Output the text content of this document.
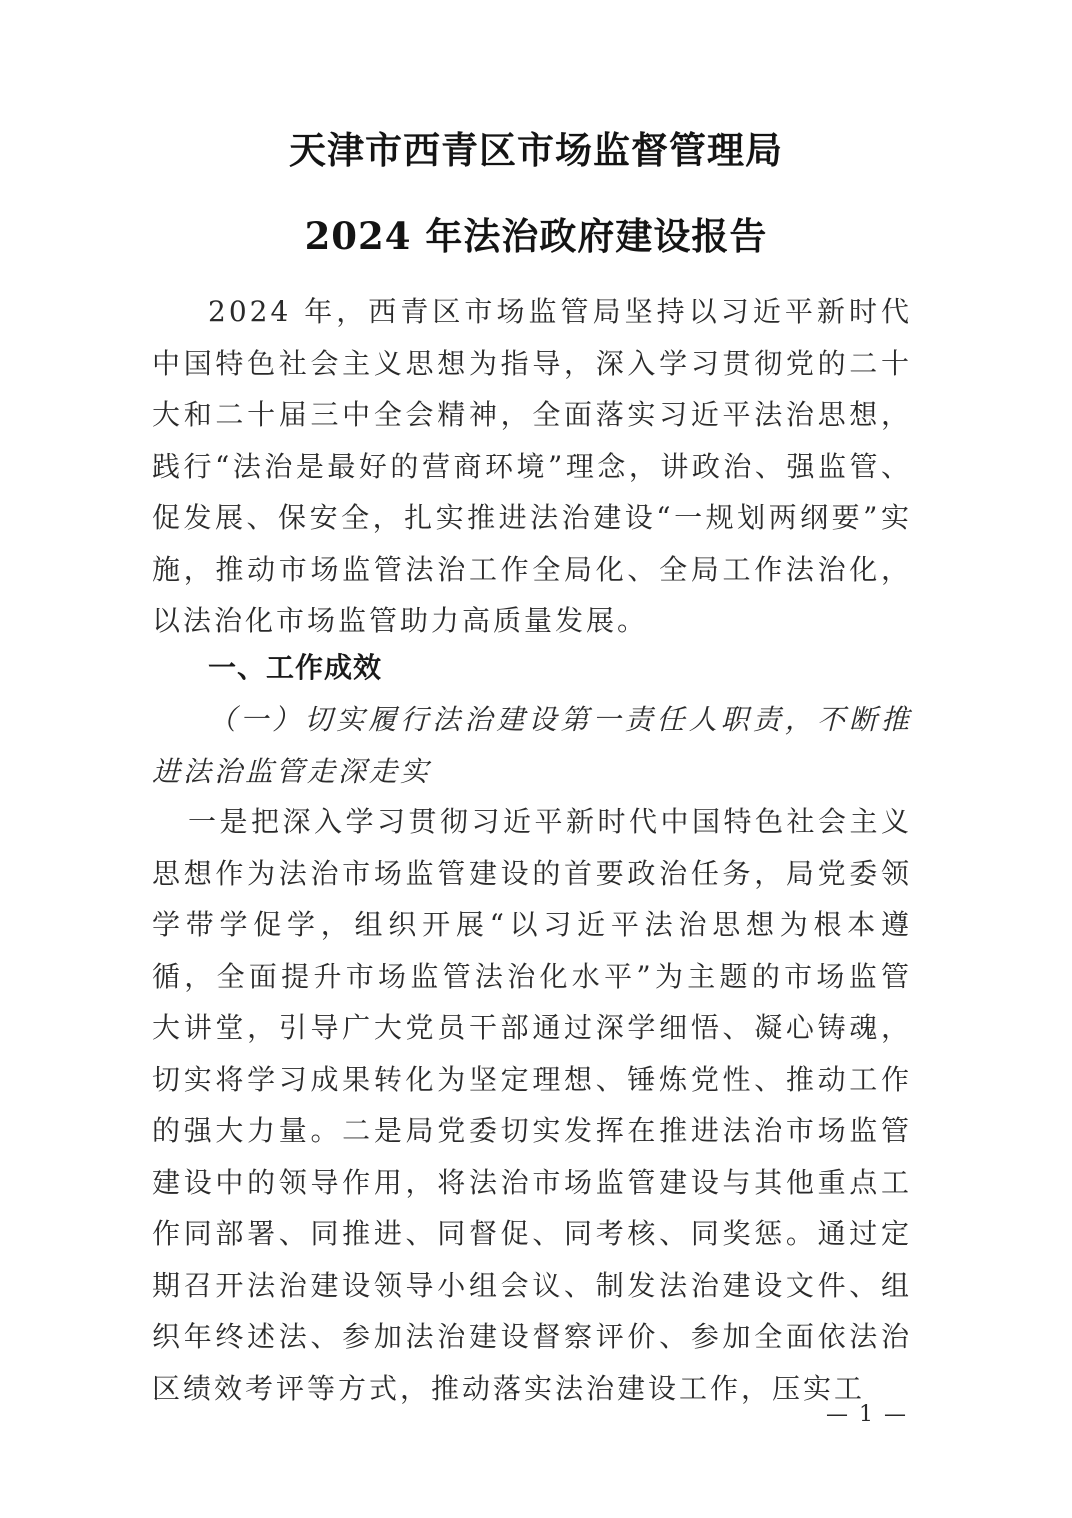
天津市西青区市场监督管理局
2024 年法治政府建设报告
2024 年，西青区市场监管局坚持以习近平新时代中国特色社会主义思想为指导，深入学习贯彻党的二十大和二十届三中全会精神，全面落实习近平法治思想，践行“法治是最好的营商环境”理念，讲政治、强监管、促发展、保安全，扎实推进法治建设“一规划两纲要”实施，推动市场监管法治工作全局化、全局工作法治化，以法治化市场监管助力高质量发展。
一、工作成效
（一）切实履行法治建设第一责任人职责，不断推进法治监管走深走实
一是把深入学习贯彻习近平新时代中国特色社会主义思想作为法治市场监管建设的首要政治任务，局党委领学带学促学，组织开展“以习近平法治思想为根本遵循，全面提升市场监管法治化水平”为主题的市场监管大讲堂，引导广大党员干部通过深学细悟、凝心铸魂，切实将学习成果转化为坚定理想、锤炼党性、推动工作的强大力量。二是局党委切实发挥在推进法治市场监管建设中的领导作用，将法治市场监管建设与其他重点工作同部署、同推进、同督促、同考核、同奖惩。通过定期召开法治建设领导小组会议、制发法治建设文件、组织年终述法、参加法治建设督察评价、参加全面依法治区绩效考评等方式，推动落实法治建设工作，压实工
— 1 —
